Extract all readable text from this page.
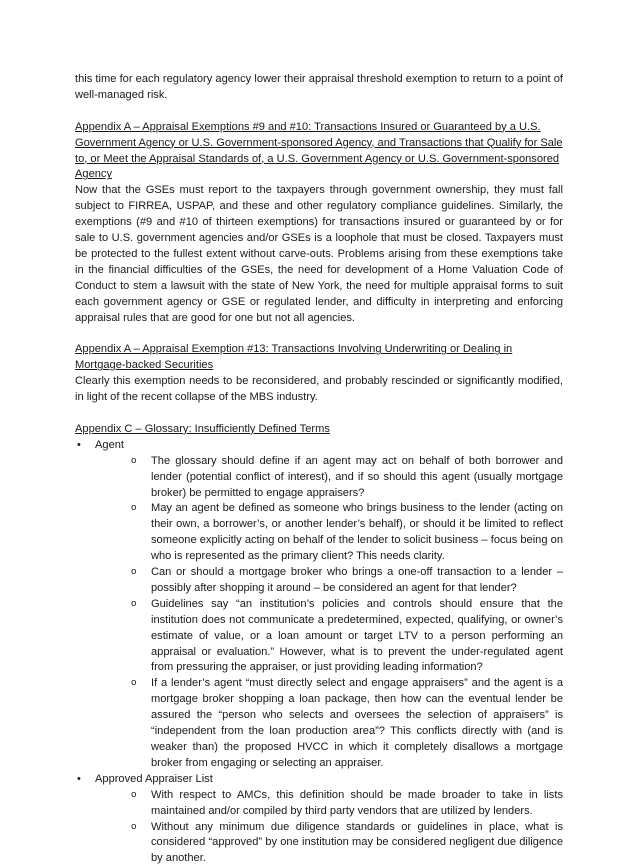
this time for each regulatory agency lower their appraisal threshold exemption to return to a point of well-managed risk.

Appendix A – Appraisal Exemptions #9 and #10: Transactions Insured or Guaranteed by a U.S. Government Agency or U.S. Government-sponsored Agency, and Transactions that Qualify for Sale to, or Meet the Appraisal Standards of, a U.S. Government Agency or U.S. Government-sponsored Agency

Now that the GSEs must report to the taxpayers through government ownership, they must fall subject to FIRREA, USPAP, and these and other regulatory compliance guidelines. Similarly, the exemptions (#9 and #10 of thirteen exemptions) for transactions insured or guaranteed by or for sale to U.S. government agencies and/or GSEs is a loophole that must be closed. Taxpayers must be protected to the fullest extent without carve-outs. Problems arising from these exemptions take in the financial difficulties of the GSEs, the need for development of a Home Valuation Code of Conduct to stem a lawsuit with the state of New York, the need for multiple appraisal forms to suit each government agency or GSE or regulated lender, and difficulty in interpreting and enforcing appraisal rules that are good for one but not all agencies.

Appendix A – Appraisal Exemption #13: Transactions Involving Underwriting or Dealing in Mortgage-backed Securities

Clearly this exemption needs to be reconsidered, and probably rescinded or significantly modified, in light of the recent collapse of the MBS industry.

Appendix C – Glossary: Insufficiently Defined Terms

• Agent
o The glossary should define if an agent may act on behalf of both borrower and lender (potential conflict of interest), and if so should this agent (usually mortgage broker) be permitted to engage appraisers?
o May an agent be defined as someone who brings business to the lender (acting on their own, a borrower’s, or another lender’s behalf), or should it be limited to reflect someone explicitly acting on behalf of the lender to solicit business – focus being on who is represented as the primary client? This needs clarity.
o Can or should a mortgage broker who brings a one-off transaction to a lender – possibly after shopping it around – be considered an agent for that lender?
o Guidelines say “an institution’s policies and controls should ensure that the institution does not communicate a predetermined, expected, qualifying, or owner’s estimate of value, or a loan amount or target LTV to a person performing an appraisal or evaluation.” However, what is to prevent the under-regulated agent from pressuring the appraiser, or just providing leading information?
o If a lender’s agent “must directly select and engage appraisers” and the agent is a mortgage broker shopping a loan package, then how can the eventual lender be assured the “person who selects and oversees the selection of appraisers” is “independent from the loan production area”? This conflicts directly with (and is weaker than) the proposed HVCC in which it completely disallows a mortgage broker from engaging or selecting an appraiser.
• Approved Appraiser List
o With respect to AMCs, this definition should be made broader to take in lists maintained and/or compiled by third party vendors that are utilized by lenders.
o Without any minimum due diligence standards or guidelines in place, what is considered “approved” by one institution may be considered negligent due diligence by another.
